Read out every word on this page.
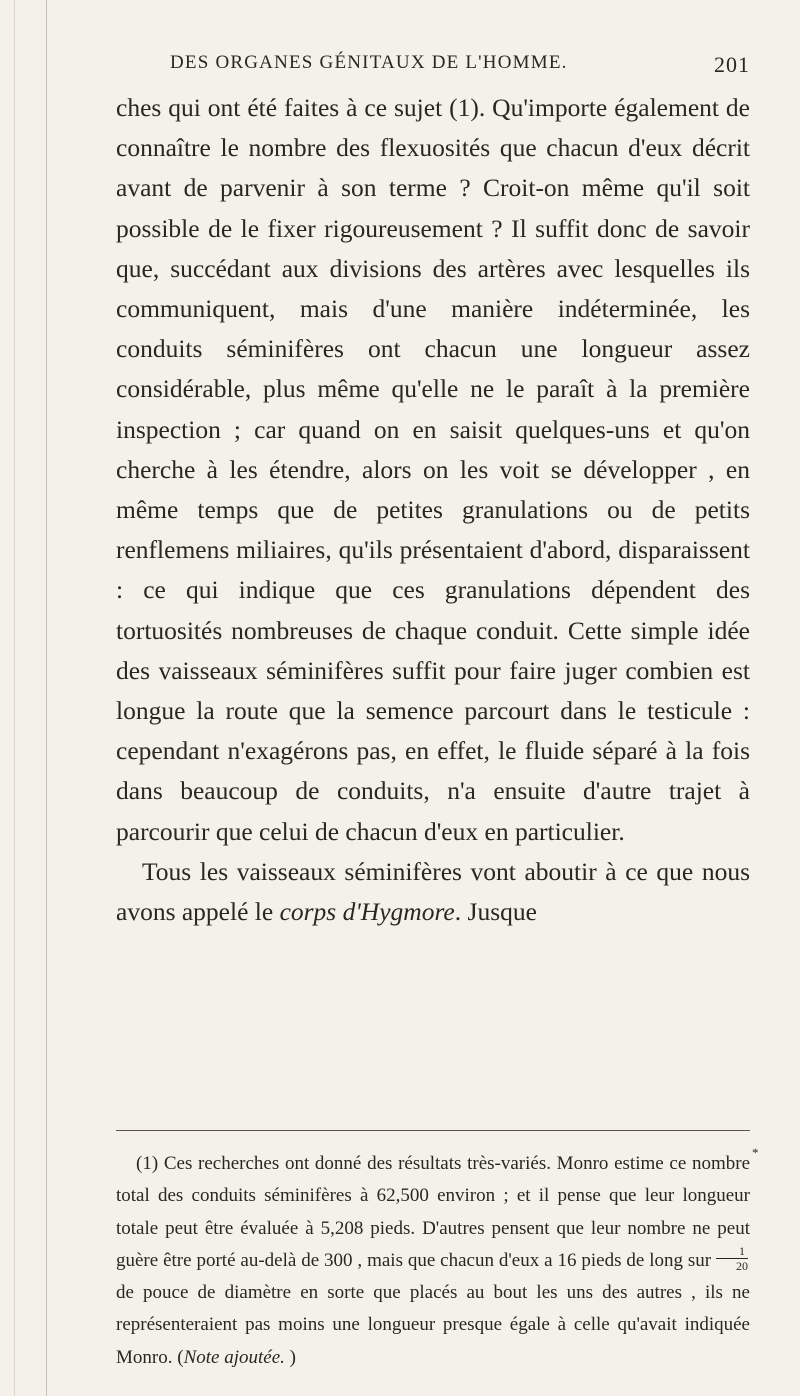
DES ORGANES GÉNITAUX DE L'HOMME.	201

ches qui ont été faites à ce sujet (1). Qu'importe également de connaître le nombre des flexuosités que chacun d'eux décrit avant de parvenir à son terme ? Croit-on même qu'il soit possible de le fixer rigoureusement ? Il suffit donc de savoir que, succédant aux divisions des artères avec lesquelles ils communiquent, mais d'une manière indéterminée, les conduits séminifères ont chacun une longueur assez considérable, plus même qu'elle ne le paraît à la première inspection ; car quand on en saisit quelques-uns et qu'on cherche à les étendre, alors on les voit se développer , en même temps que de petites granulations ou de petits renflemens miliaires, qu'ils présentaient d'abord, disparaissent : ce qui indique que ces granulations dépendent des tortuosités nombreuses de chaque conduit. Cette simple idée des vaisseaux séminifères suffit pour faire juger combien est longue la route que la semence parcourt dans le testicule : cependant n'exagérons pas, en effet, le fluide séparé à la fois dans beaucoup de conduits, n'a ensuite d'autre trajet à parcourir que celui de chacun d'eux en particulier.

Tous les vaisseaux séminifères vont aboutir à ce que nous avons appelé le corps d'Hygmore. Jusque

*
(1) Ces recherches ont donné des résultats très-variés. Monro estime ce nombre total des conduits séminifères à 62,500 environ ; et il pense que leur longueur totale peut être évaluée à 5,208 pieds. D'autres pensent que leur nombre ne peut guère être porté au-delà de 300 , mais que chacun d'eux a 16 pieds de long sur $\frac{1}{20}$
de pouce de diamètre en sorte que placés au bout les uns des autres , ils ne représenteraient pas moins une longueur presque égale à celle qu'avait indiquée Monro. (Note ajoutée. )
